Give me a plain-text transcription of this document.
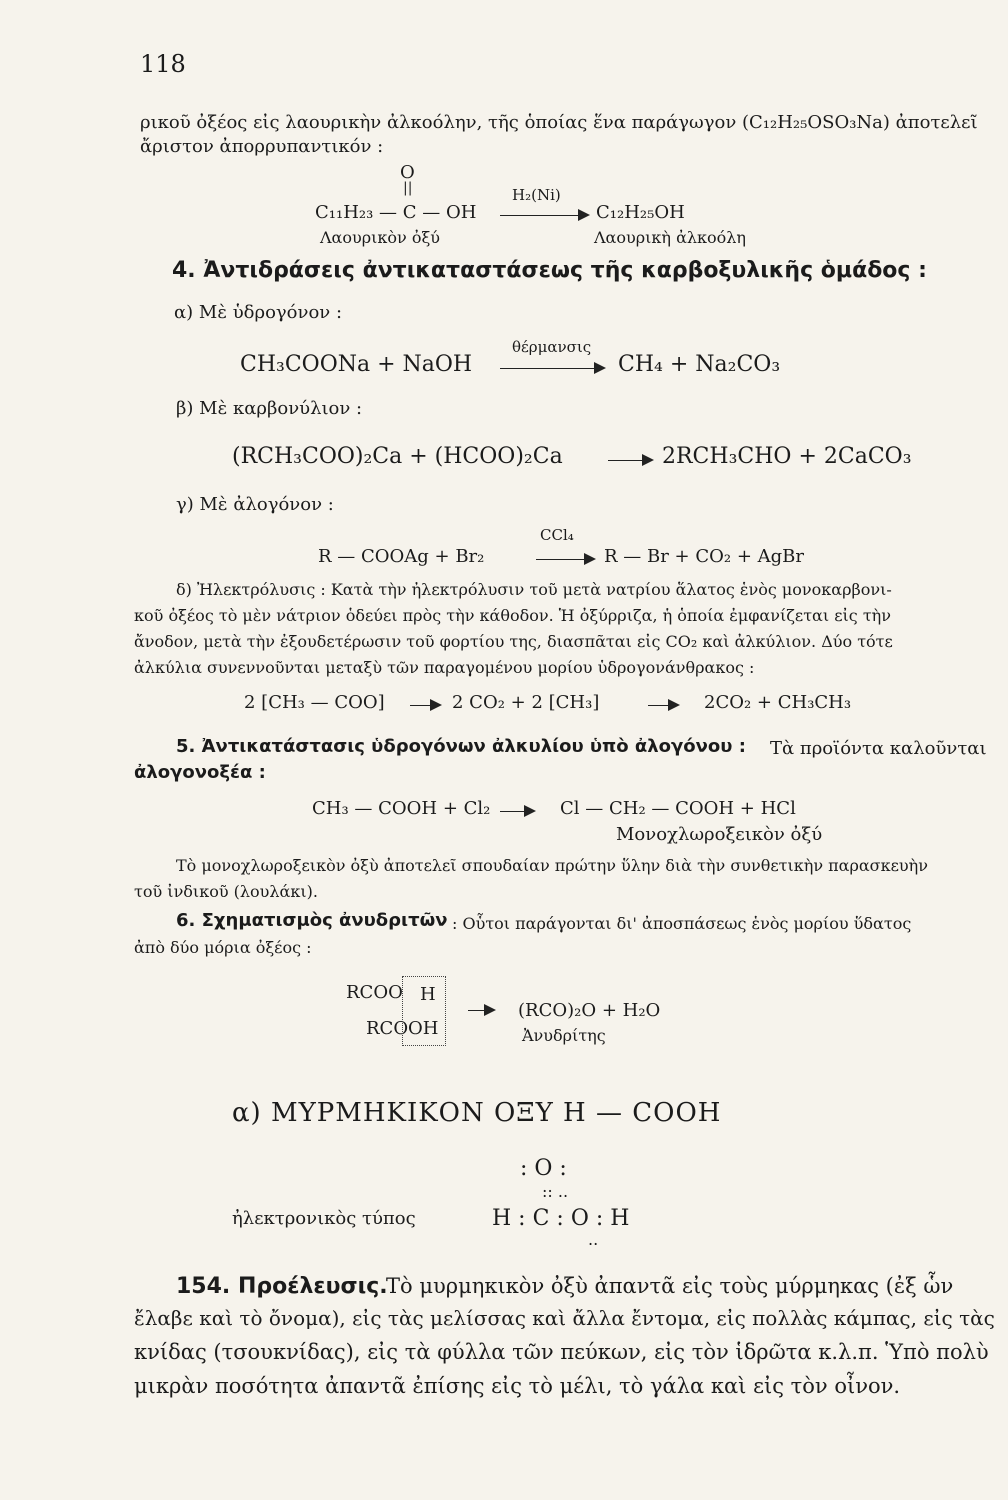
118
ρικοῦ ὀξέος εἰς λαουρικὴν ἀλκοόλην, τῆς ὁποίας ἕνα παράγωγον (C₁₂H₂₅OSO₃Na) ἀποτελεῖ
ἄριστον ἀπορρυπαντικόν :
O
||
C₁₁H₂₃ — C — OH
H₂(Ni)
C₁₂H₂₅OH
Λαουρικὸν ὀξύ	Λαουρικὴ ἀλκοόλη
4. Ἀντιδράσεις ἀντικαταστάσεως τῆς καρβοξυλικῆς ὁμάδος :
α) Μὲ ὑδρογόνον :
CH₃COONa + NaOH
θέρμανσις
CH₄ + Na₂CO₃
β) Μὲ καρβονύλιον :
(RCH₃COO)₂Ca + (HCOO)₂Ca	2RCH₃CHO + 2CaCO₃
γ) Μὲ ἀλογόνον :
CCl₄
R — COOAg + Br₂	R — Br + CO₂ + AgBr
δ) Ἠλεκτρόλυσις : Κατὰ τὴν ἠλεκτρόλυσιν τοῦ μετὰ νατρίου ἅλατος ἑνὸς μονοκαρβονι-
κοῦ ὀξέος τὸ μὲν νάτριον ὁδεύει πρὸς τὴν κάθοδον. Ἡ ὀξύρριζα, ἡ ὁποία ἐμφανίζεται εἰς τὴν
ἄνοδον, μετὰ τὴν ἐξουδετέρωσιν τοῦ φορτίου της, διασπᾶται εἰς CO₂ καὶ ἀλκύλιον. Δύο τότε
ἀλκύλια συνεννοῦνται μεταξὺ τῶν παραγομένου μορίου ὑδρογονάνθρακος :
2 [CH₃ — COO]	2 CO₂ + 2 [CH₃]	2CO₂ + CH₃CH₃
5. Ἀντικατάστασις ὑδρογόνων ἀλκυλίου ὑπὸ ἀλογόνου : Τὰ προϊόντα καλοῦνται
ἀλογονοξέα :
CH₃ — COOH + Cl₂	Cl — CH₂ — COOH + HCl
Μονοχλωροξεικὸν ὀξύ
Τὸ μονοχλωροξεικὸν ὀξὺ ἀποτελεῖ σπουδαίαν πρώτην ὕλην διὰ τὴν συνθετικὴν παρασκευὴν
τοῦ ἰνδικοῦ (λουλάκι).
6. Σχηματισμὸς ἀνυδριτῶν : Οὗτοι παράγονται δι' ἀποσπάσεως ἑνὸς μορίου ὕδατος
ἀπὸ δύο μόρια ὀξέος :
RCOO H
RCO OH
(RCO)₂O + H₂O
Ἀνυδρίτης
α) ΜΥΡΜΗΚΙΚΟΝ ΟΞΥ Η — COOH
: O :
:: ..
ἠλεκτρονικὸς τύπος	H : C : O : H
..
154. Προέλευσις.
Τὸ μυρμηκικὸν ὀξὺ ἀπαντᾶ εἰς τοὺς μύρμηκας (ἐξ ὧν
ἔλαβε καὶ τὸ ὄνομα), εἰς τὰς μελίσσας καὶ ἄλλα ἔντομα, εἰς πολλὰς κάμπας, εἰς τὰς
κνίδας (τσουκνίδας), εἰς τὰ φύλλα τῶν πεύκων, εἰς τὸν ἱδρῶτα κ.λ.π. Ὑπὸ πολὺ
μικρὰν ποσότητα ἀπαντᾶ ἐπίσης εἰς τὸ μέλι, τὸ γάλα καὶ εἰς τὸν οἶνον.
